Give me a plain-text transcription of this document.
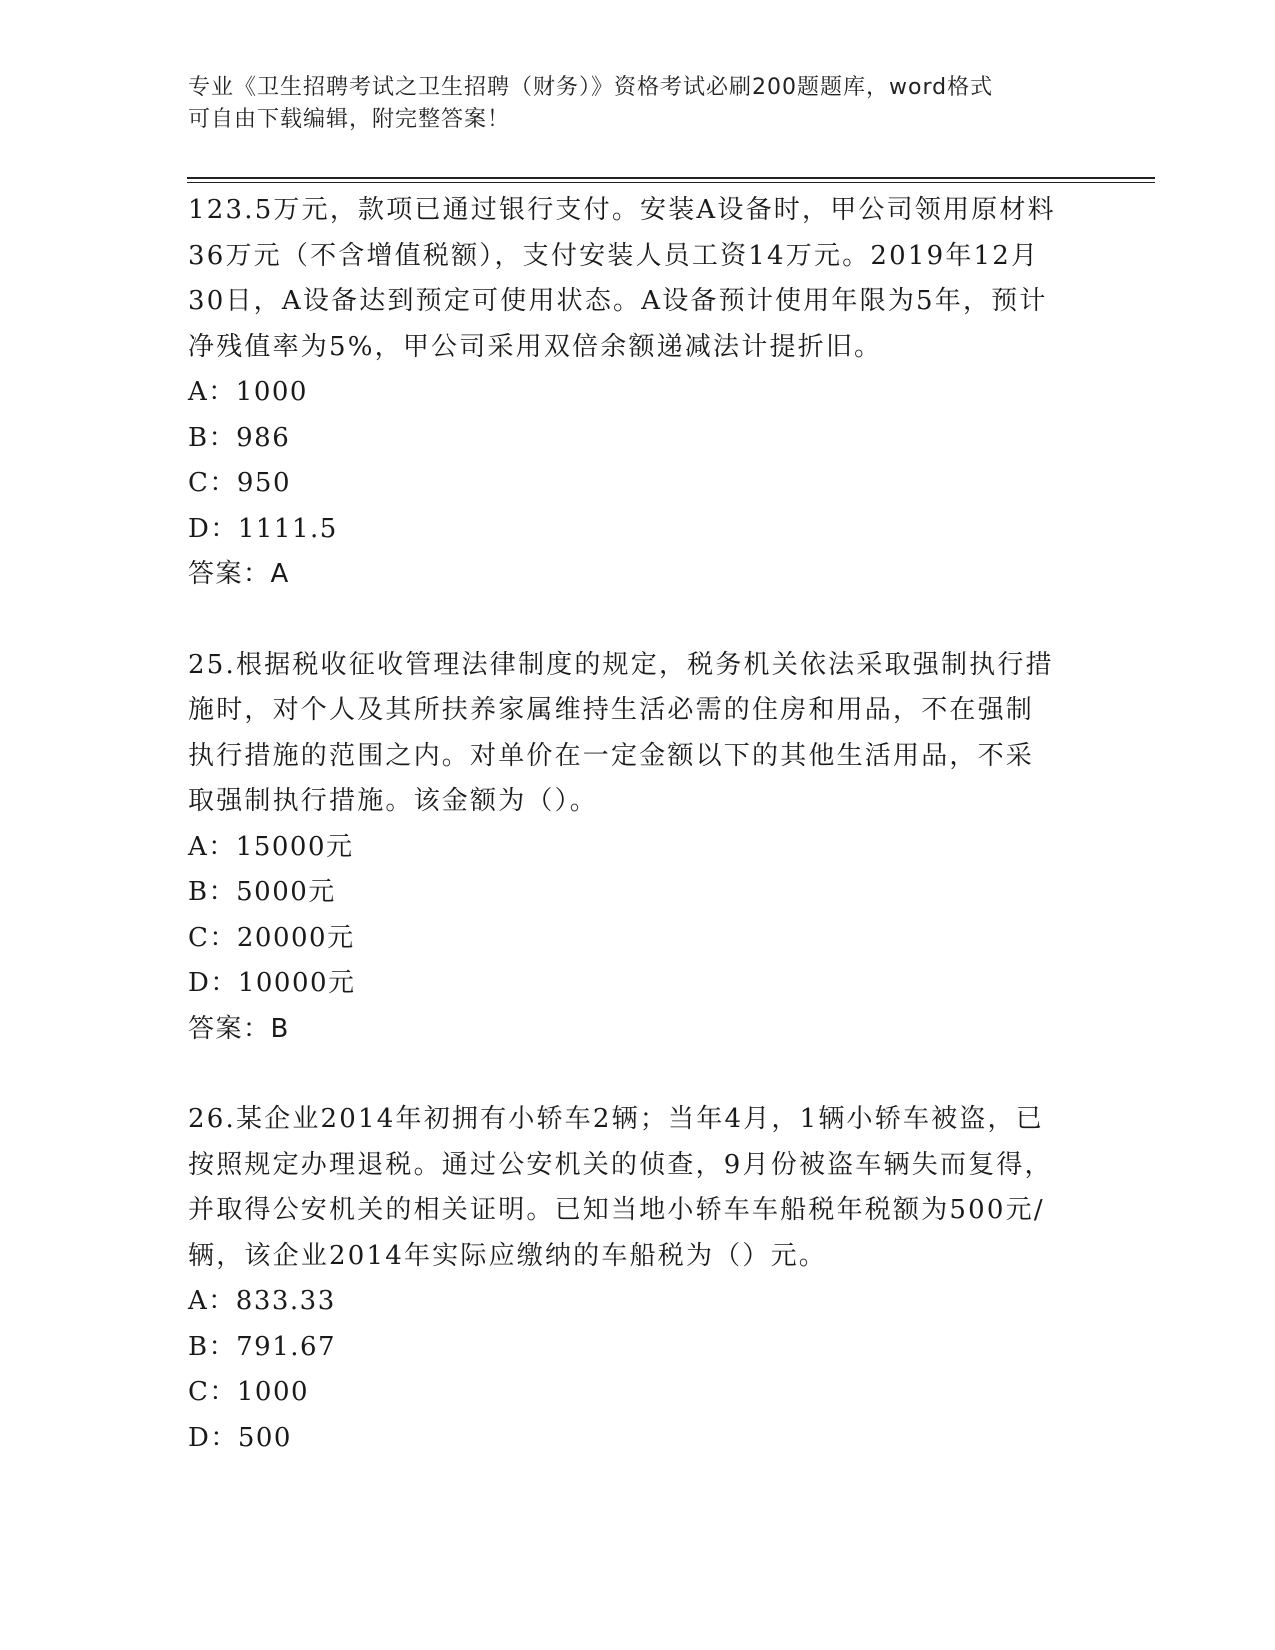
专业《卫生招聘考试之卫生招聘（财务）》资格考试必刷200题题库，word格式
可自由下载编辑，附完整答案！

123.5万元，款项已通过银行支付。安装A设备时，甲公司领用原材料

36万元（不含增值税额），支付安装人员工资14万元。2019年12月

30日，A设备达到预定可使用状态。A设备预计使用年限为5年，预计

净残值率为5%，甲公司采用双倍余额递减法计提折旧。

A：1000

B：986

C：950

D：1111.5

答案：A

25.根据税收征收管理法律制度的规定，税务机关依法采取强制执行措

施时，对个人及其所扶养家属维持生活必需的住房和用品，不在强制

执行措施的范围之内。对单价在一定金额以下的其他生活用品，不采

取强制执行措施。该金额为（）。

A：15000元

B：5000元

C：20000元

D：10000元

答案：B

26.某企业2014年初拥有小轿车2辆；当年4月，1辆小轿车被盗，已

按照规定办理退税。通过公安机关的侦查，9月份被盗车辆失而复得，

并取得公安机关的相关证明。已知当地小轿车车船税年税额为500元/

辆，该企业2014年实际应缴纳的车船税为（）元。

A：833.33

B：791.67

C：1000

D：500
